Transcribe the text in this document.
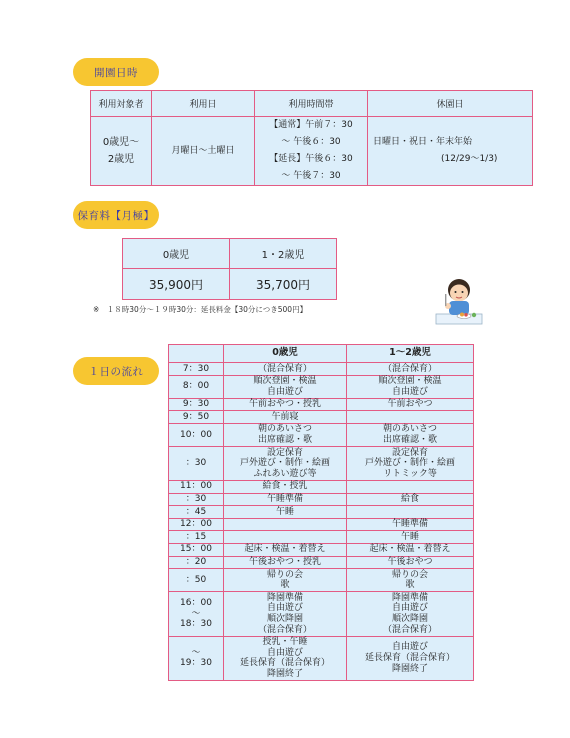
開園日時
利用対象者	利用日	利用時間帯	休園日

0歳児～
2歳児	月曜日～土曜日	【通常】午前７：30
～ 午後６：30
【延長】午後６：30
～ 午後７：30	日曜日・祝日・年末年始
(12/29～1/3)
保育料【月極】
0歳児	1・2歳児
35,900円	35,700円
※　１８時30分～１９時30分：延長料金【30分につき500円】
１日の流れ
	0歳児	1～2歳児

7：30	（混合保育）	（混合保育）

8：00	順次登園・検温
自由遊び	順次登園・検温
自由遊び

9：30	午前おやつ・授乳	午前おやつ

9：50	午前寝	

10：00	朝のあいさつ
出席確認・歌	朝のあいさつ
出席確認・歌

：30	設定保育
戸外遊び・制作・絵画
ふれあい遊び等	設定保育
戸外遊び・制作・絵画
リトミック等

11：00	給食・授乳	

：30	午睡準備	給食

：45	午睡	

12：00		午睡準備

：15		午睡

15：00	起床・検温・着替え	起床・検温・着替え

：20	午後おやつ・授乳	午後おやつ

：50	帰りの会
歌	帰りの会
歌

16：00
～
18：30	降園準備
自由遊び
順次降園
（混合保育）	降園準備
自由遊び
順次降園
（混合保育）

～
19：30	授乳・午睡
自由遊び
延長保育（混合保育）
降園終了	自由遊び
延長保育（混合保育）
降園終了
